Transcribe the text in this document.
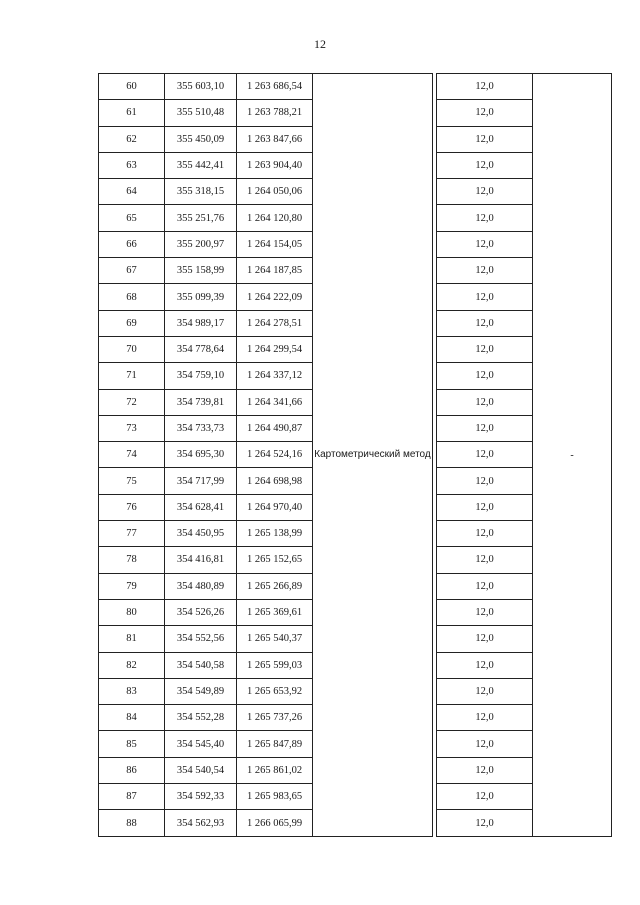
12
60	355 603,10	1 263 686,54	Картометрический метод		12,0	-
61	355 510,48	1 263 788,21			12,0	
62	355 450,09	1 263 847,66			12,0	
63	355 442,41	1 263 904,40			12,0	
64	355 318,15	1 264 050,06			12,0	
65	355 251,76	1 264 120,80			12,0	
66	355 200,97	1 264 154,05			12,0	
67	355 158,99	1 264 187,85			12,0	
68	355 099,39	1 264 222,09			12,0	
69	354 989,17	1 264 278,51			12,0	
70	354 778,64	1 264 299,54			12,0	
71	354 759,10	1 264 337,12			12,0	
72	354 739,81	1 264 341,66			12,0	
73	354 733,73	1 264 490,87			12,0	
74	354 695,30	1 264 524,16			12,0	
75	354 717,99	1 264 698,98			12,0	
76	354 628,41	1 264 970,40			12,0	
77	354 450,95	1 265 138,99			12,0	
78	354 416,81	1 265 152,65			12,0	
79	354 480,89	1 265 266,89			12,0	
80	354 526,26	1 265 369,61			12,0	
81	354 552,56	1 265 540,37			12,0	
82	354 540,58	1 265 599,03			12,0	
83	354 549,89	1 265 653,92			12,0	
84	354 552,28	1 265 737,26			12,0	
85	354 545,40	1 265 847,89			12,0	
86	354 540,54	1 265 861,02			12,0	
87	354 592,33	1 265 983,65			12,0	
88	354 562,93	1 266 065,99			12,0	
